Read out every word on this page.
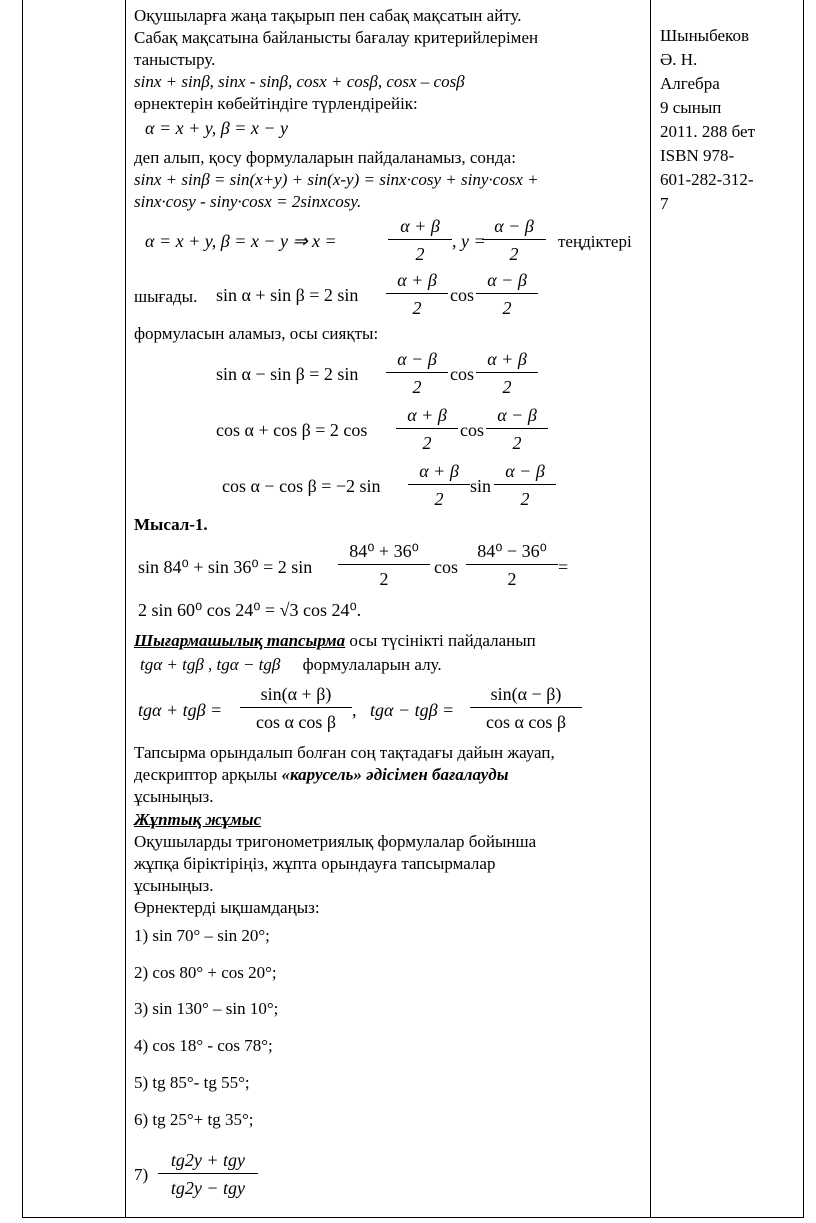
Оқушыларға жаңа тақырып пен сабақ мақсатын айту.
Сабақ мақсатына байланысты бағалау критерийлерімен
таныстыру.
sinx + sinβ, sinx - sinβ, cosx + cosβ, cosx – cosβ
өрнектерін көбейтіндіге түрлендірейік:
α = x + y, β = x − y
деп алып, қосу формулаларын пайдаланамыз, сонда:
sinx + sinβ = sin(x+y) + sin(x-y) = sinx·cosy + siny·cosx +
sinx·cosy - siny·cosx = 2sinxcosy.
α = x + y, β = x − y ⇒ x =	$\frac{\alpha + \beta}{2}$ , y =
$\frac{\alpha - \beta}{2}$ теңдіктері
шығады. sin α + sin β = 2 $\sin \frac{\alpha + \beta}{2}$ $\cos \frac{\alpha - \beta}{2}$
формуласын аламыз, осы сияқты:
sin α − sin β = 2 $\sin \frac{\alpha - \beta}{2}$ $\cos \frac{\alpha + \beta}{2}$
cos α + cos β = 2 $\cos \frac{\alpha + \beta}{2}$ $\cos \frac{\alpha - \beta}{2}$
cos α − cos β = −2 $\sin \frac{\alpha + \beta}{2}$ $\sin \frac{\alpha - \beta}{2}$
Мысал-1.
sin 84⁰ + sin 36⁰ = 2 $\sin \frac{\text{84⁰ + 36⁰}}{2}$ $\cos \frac{\text{84⁰ − 36⁰}}{2}$ =
2 sin 60⁰ cos 24⁰ = √3 cos 24⁰.
Шығармашылық тапсырма осы түсінікті пайдаланып
tgα + tgβ , tgα − tgβ формулаларын алу.
$tg\alpha + tg\beta = \frac{\sin(\alpha + \beta)}{\text{cos α cos β}}$ , $tg\alpha - tg\beta = \frac{\sin(\alpha - \beta)}{\text{cos α cos β}}$
Тапсырма орындалып болған соң тақтадағы дайын жауап,
дескриптор арқылы «карусель» әдісімен бағалауды
ұсыныңыз.
Жұптық жұмыс
Оқушыларды тригонометриялық формулалар бойынша
жұпқа біріктіріңіз, жұпта орындауға тапсырмалар
ұсыныңыз.
Өрнектерді ықшамдаңыз:
1) sin 70° – sin 20°;
2) cos 80° + cos 20°;
3) sin 130° – sin 10°;
4) cos 18° - cos 78°;
5) tg 85°- tg 55°;
6) tg 25°+ tg 35°;
7)
tg2y + tgy
tg2y − tgy
Шыныбеков
Ә. Н.
Алгебра
9 сынып
2011. 288 бет
ISBN 978-
601-282-312-
7
